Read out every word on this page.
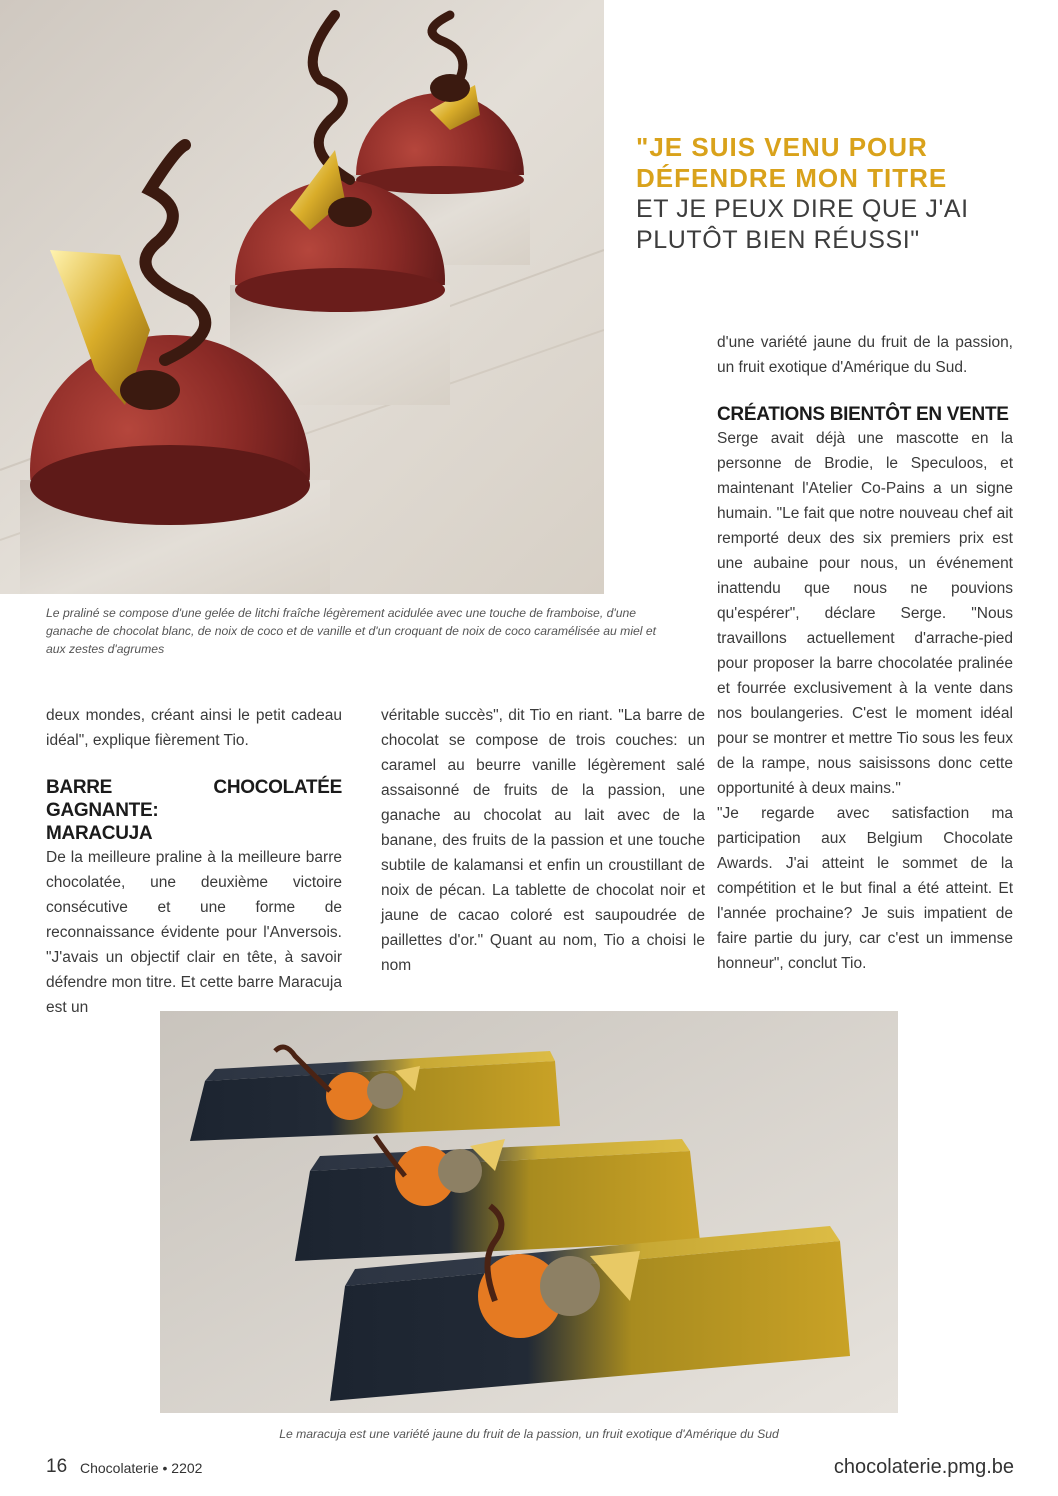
"JE SUIS VENU POUR
DÉFENDRE MON TITRE
ET JE PEUX DIRE QUE J'AI
PLUTÔT BIEN RÉUSSI"
Le praliné se compose d'une gelée de litchi fraîche légèrement acidulée avec une touche de framboise, d'une ganache de chocolat blanc, de noix de coco et de vanille et d'un croquant de noix de coco caramélisée au miel et aux zestes d'agrumes

d'une variété jaune du fruit de la passion, un fruit exotique d'Amérique du Sud.

CRÉATIONS BIENTÔT EN VENTE

Serge avait déjà une mascotte en la personne de Brodie, le Speculoos, et maintenant l'Atelier Co-Pains a un signe humain. "Le fait que notre nouveau chef ait remporté deux des six premiers prix est une aubaine pour nous, un événement inattendu que nous ne pouvions qu'espérer", déclare Serge. "Nous travaillons actuellement d'arrache-pied pour proposer la barre chocolatée pralinée et fourrée exclusivement à la vente dans nos boulangeries. C'est le moment idéal pour se montrer et mettre Tio sous les feux de la rampe, nous saisissons donc cette opportunité à deux mains."

"Je regarde avec satisfaction ma participation aux Belgium Chocolate Awards. J'ai atteint le sommet de la compétition et le but final a été atteint. Et l'année prochaine? Je suis impatient de faire partie du jury, car c'est un immense honneur", conclut Tio.

deux mondes, créant ainsi le petit cadeau idéal", explique fièrement Tio.

BARRE CHOCOLATÉE GAGNANTE:
MARACUJA

De la meilleure praline à la meilleure barre chocolatée, une deuxième victoire consécutive et une forme de reconnaissance évidente pour l'Anversois. "J'avais un objectif clair en tête, à savoir défendre mon titre. Et cette barre Maracuja est un

véritable succès", dit Tio en riant. "La barre de chocolat se compose de trois couches: un caramel au beurre vanille légèrement salé assaisonné de fruits de la passion, une ganache au chocolat au lait avec de la banane, des fruits de la passion et une touche subtile de kalamansi et enfin un croustillant de noix de pécan. La tablette de chocolat noir et jaune de cacao coloré est saupoudrée de paillettes d'or." Quant au nom, Tio a choisi le nom

Le maracuja est une variété jaune du fruit de la passion, un fruit exotique d'Amérique du Sud
16 Chocolaterie • 2202	chocolaterie.pmg.be
